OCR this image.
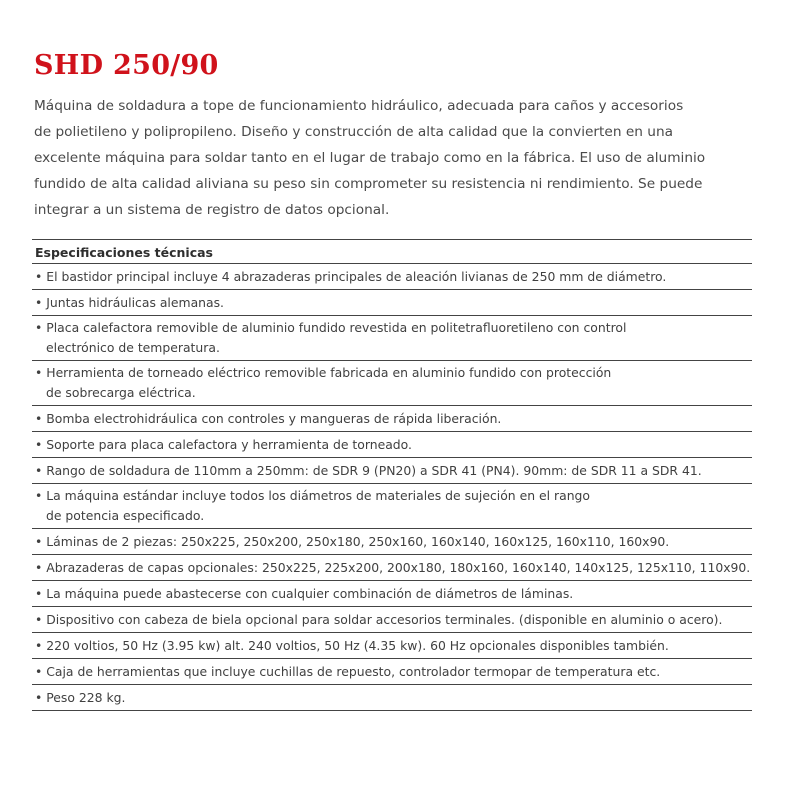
SHD 250/90
Máquina de soldadura a tope de funcionamiento hidráulico, adecuada para caños y accesorios
de polietileno y polipropileno. Diseño y construcción de alta calidad que la convierten en una
excelente máquina para soldar tanto en el lugar de trabajo como en la fábrica. El uso de aluminio
fundido de alta calidad aliviana su peso sin comprometer su resistencia ni rendimiento. Se puede
integrar a un sistema de registro de datos opcional.
Especificaciones técnicas
• El bastidor principal incluye 4 abrazaderas principales de aleación livianas de 250 mm de diámetro.
• Juntas hidráulicas alemanas.
• Placa calefactora removible de aluminio fundido revestida en politetrafluoretileno con control
electrónico de temperatura.
• Herramienta de torneado eléctrico removible fabricada en aluminio fundido con protección
de sobrecarga eléctrica.
• Bomba electrohidráulica con controles y mangueras de rápida liberación.
• Soporte para placa calefactora y herramienta de torneado.
• Rango de soldadura de 110mm a 250mm: de SDR 9 (PN20) a SDR 41 (PN4). 90mm: de SDR 11 a SDR 41.
• La máquina estándar incluye todos los diámetros de materiales de sujeción en el rango
de potencia especificado.
• Láminas de 2 piezas: 250x225, 250x200, 250x180, 250x160, 160x140, 160x125, 160x110, 160x90.
• Abrazaderas de capas opcionales: 250x225, 225x200, 200x180, 180x160, 160x140, 140x125, 125x110, 110x90.
• La máquina puede abastecerse con cualquier combinación de diámetros de láminas.
• Dispositivo con cabeza de biela opcional para soldar accesorios terminales. (disponible en aluminio o acero).
• 220 voltios, 50 Hz (3.95 kw) alt. 240 voltios, 50 Hz (4.35 kw). 60 Hz opcionales disponibles también.
• Caja de herramientas que incluye cuchillas de repuesto, controlador termopar de temperatura etc.
• Peso 228 kg.
